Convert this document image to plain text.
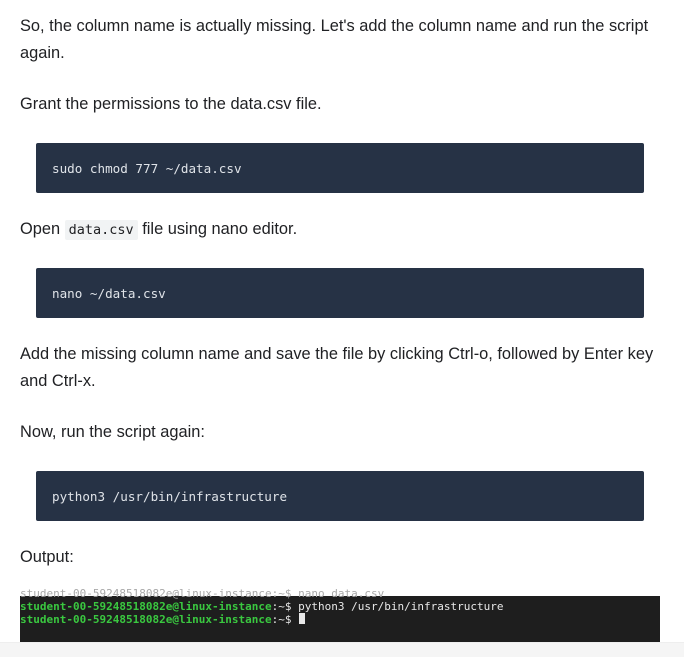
So, the column name is actually missing. Let's add the column name and run the script again.

Grant the permissions to the data.csv file.

sudo chmod 777 ~/data.csv

Open data.csv file using nano editor.

nano ~/data.csv

Add the missing column name and save the file by clicking Ctrl-o, followed by Enter key and Ctrl-x.

Now, run the script again:

python3 /usr/bin/infrastructure

Output:

student-00-59248518082e@linux-instance:~$ nano data.csv

student-00-59248518082e@linux-instance:~$ python3 /usr/bin/infrastructure

student-00-59248518082e@linux-instance:~$
